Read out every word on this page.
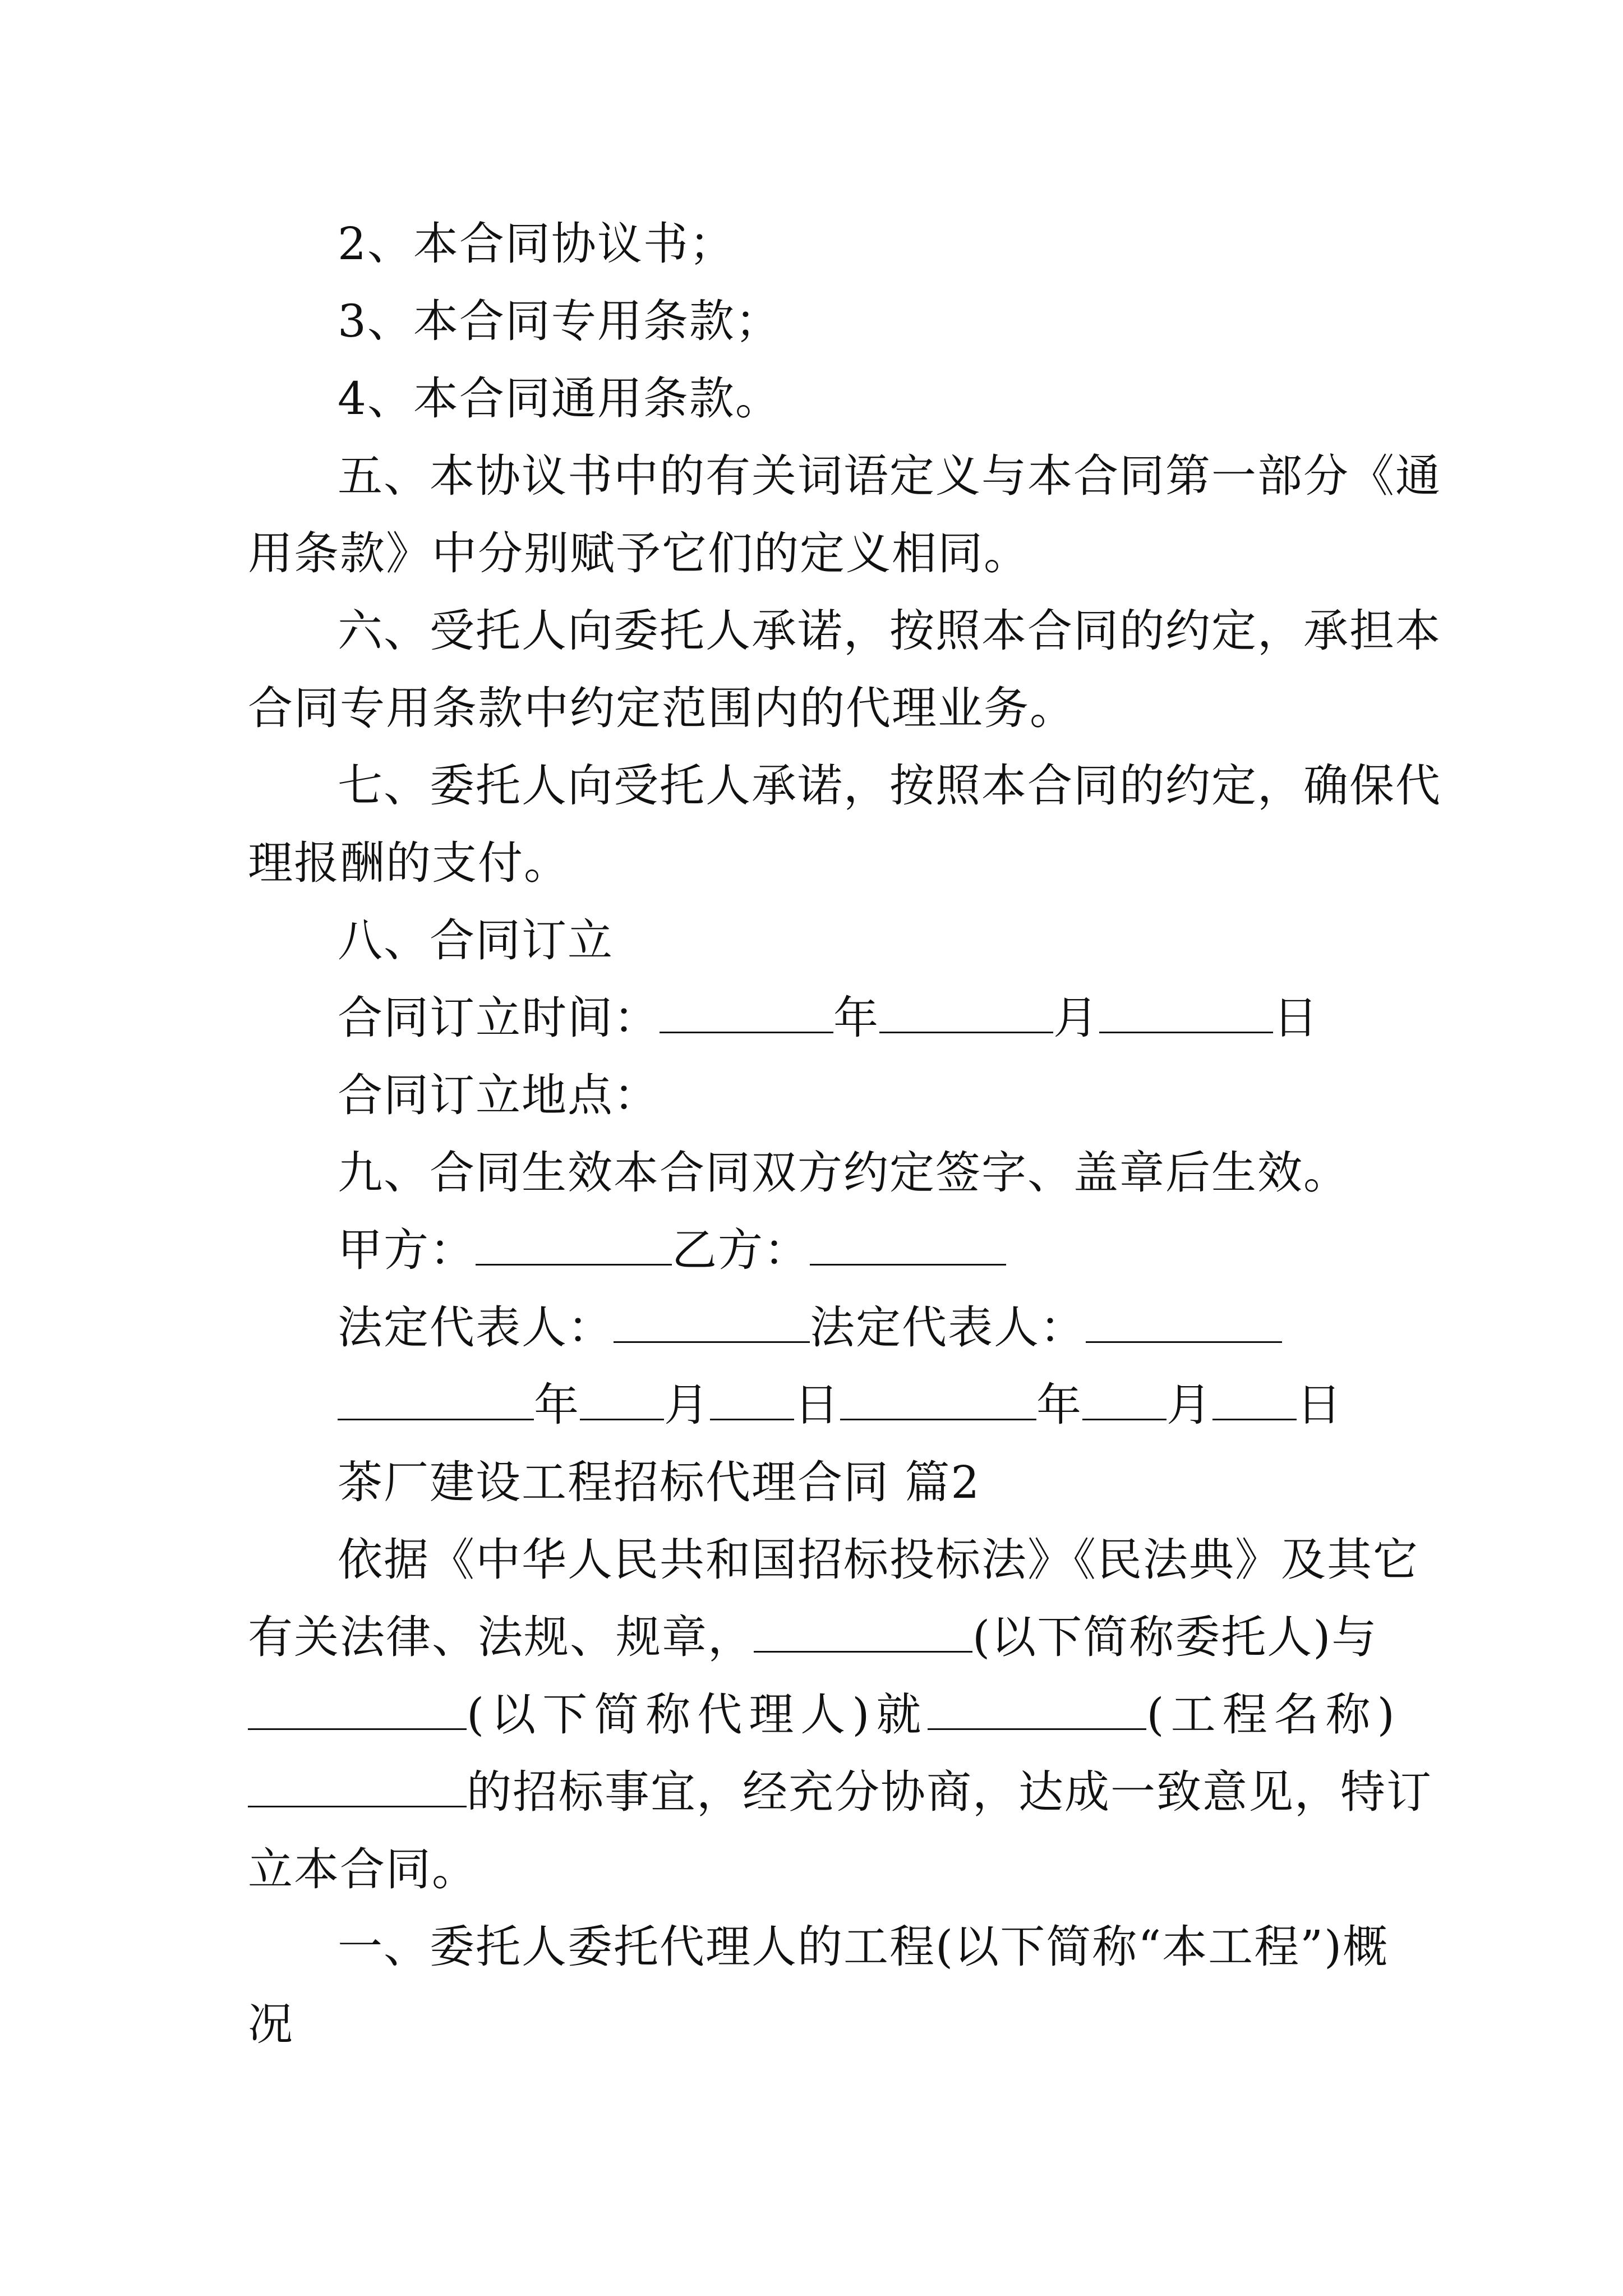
2、本合同协议书；
3、本合同专用条款；
4、本合同通用条款。
五、本协议书中的有关词语定义与本合同第一部分《通
用条款》中分别赋予它们的定义相同。
六、受托人向委托人承诺，按照本合同的约定，承担本
合同专用条款中约定范围内的代理业务。
七、委托人向受托人承诺，按照本合同的约定，确保代
理报酬的支付。
八、合同订立
合同订立时间：	年	月	日
合同订立地点：
九、合同生效本合同双方约定签字、盖章后生效。
甲方：	乙方：
法定代表人：	法定代表人：
年 月 日	年 月 日
茶厂建设工程招标代理合同 篇2
依据《中华人民共和国招标投标法》《民法典》及其它
有关法律、法规、规章，	(以下简称委托人)与
(以下简称代理人)就	(工程名称)
的招标事宜，经充分协商，达成一致意见，特订
立本合同。
一、委托人委托代理人的工程(以下简称“本工程”)概
况
